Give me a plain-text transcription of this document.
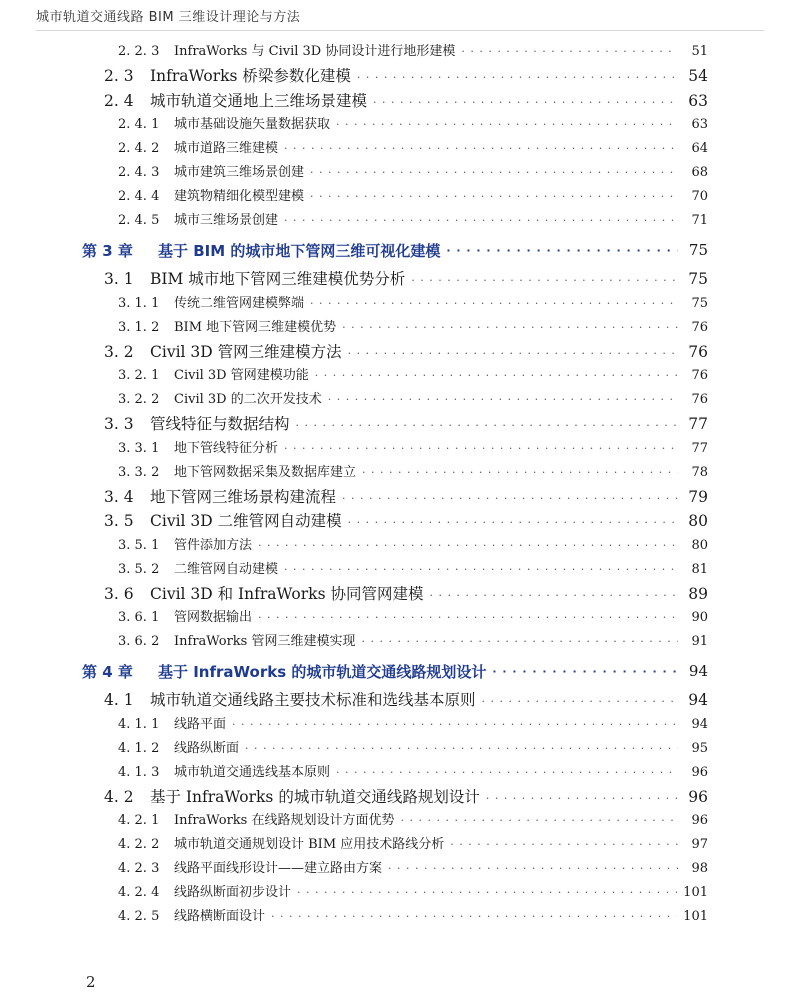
城市轨道交通线路 BIM 三维设计理论与方法
2. 2. 3	InfraWorks 与 Civil 3D 协同设计进行地形建模 · · ·	51
2. 3	InfraWorks 桥梁参数化建模 · · ·	54
2. 4	城市轨道交通地上三维场景建模 · · ·	63
2. 4. 1	城市基础设施矢量数据获取 · · ·	63
2. 4. 2	城市道路三维建模 · · ·	64
2. 4. 3	城市建筑三维场景创建 · · ·	68
2. 4. 4	建筑物精细化模型建模 · · ·	70
2. 4. 5	城市三维场景创建 · · ·	71
第 3 章	基于 BIM 的城市地下管网三维可视化建模 · · ·	75
3. 1	BIM 城市地下管网三维建模优势分析 · · ·	75
3. 1. 1	传统二维管网建模弊端 · · ·	75
3. 1. 2	BIM 地下管网三维建模优势 · · ·	76
3. 2	Civil 3D 管网三维建模方法 · · ·	76
3. 2. 1	Civil 3D 管网建模功能 · · ·	76
3. 2. 2	Civil 3D 的二次开发技术 · · ·	76
3. 3	管线特征与数据结构 · · ·	77
3. 3. 1	地下管线特征分析 · · ·	77
3. 3. 2	地下管网数据采集及数据库建立 · · ·	78
3. 4	地下管网三维场景构建流程 · · ·	79
3. 5	Civil 3D 二维管网自动建模 · · ·	80
3. 5. 1	管件添加方法 · · ·	80
3. 5. 2	二维管网自动建模 · · ·	81
3. 6	Civil 3D 和 InfraWorks 协同管网建模 · · ·	89
3. 6. 1	管网数据输出 · · ·	90
3. 6. 2	InfraWorks 管网三维建模实现 · · ·	91
第 4 章	基于 InfraWorks 的城市轨道交通线路规划设计 · · ·	94
4. 1	城市轨道交通线路主要技术标准和选线基本原则 · · ·	94
4. 1. 1	线路平面 · · ·	94
4. 1. 2	线路纵断面 · · ·	95
4. 1. 3	城市轨道交通选线基本原则 · · ·	96
4. 2	基于 InfraWorks 的城市轨道交通线路规划设计 · · ·	96
4. 2. 1	InfraWorks 在线路规划设计方面优势 · · ·	96
4. 2. 2	城市轨道交通规划设计 BIM 应用技术路线分析 · · ·	97
4. 2. 3	线路平面线形设计——建立路由方案 · · ·	98
4. 2. 4	线路纵断面初步设计 · · ·	101
4. 2. 5	线路横断面设计 · · ·	101
2
